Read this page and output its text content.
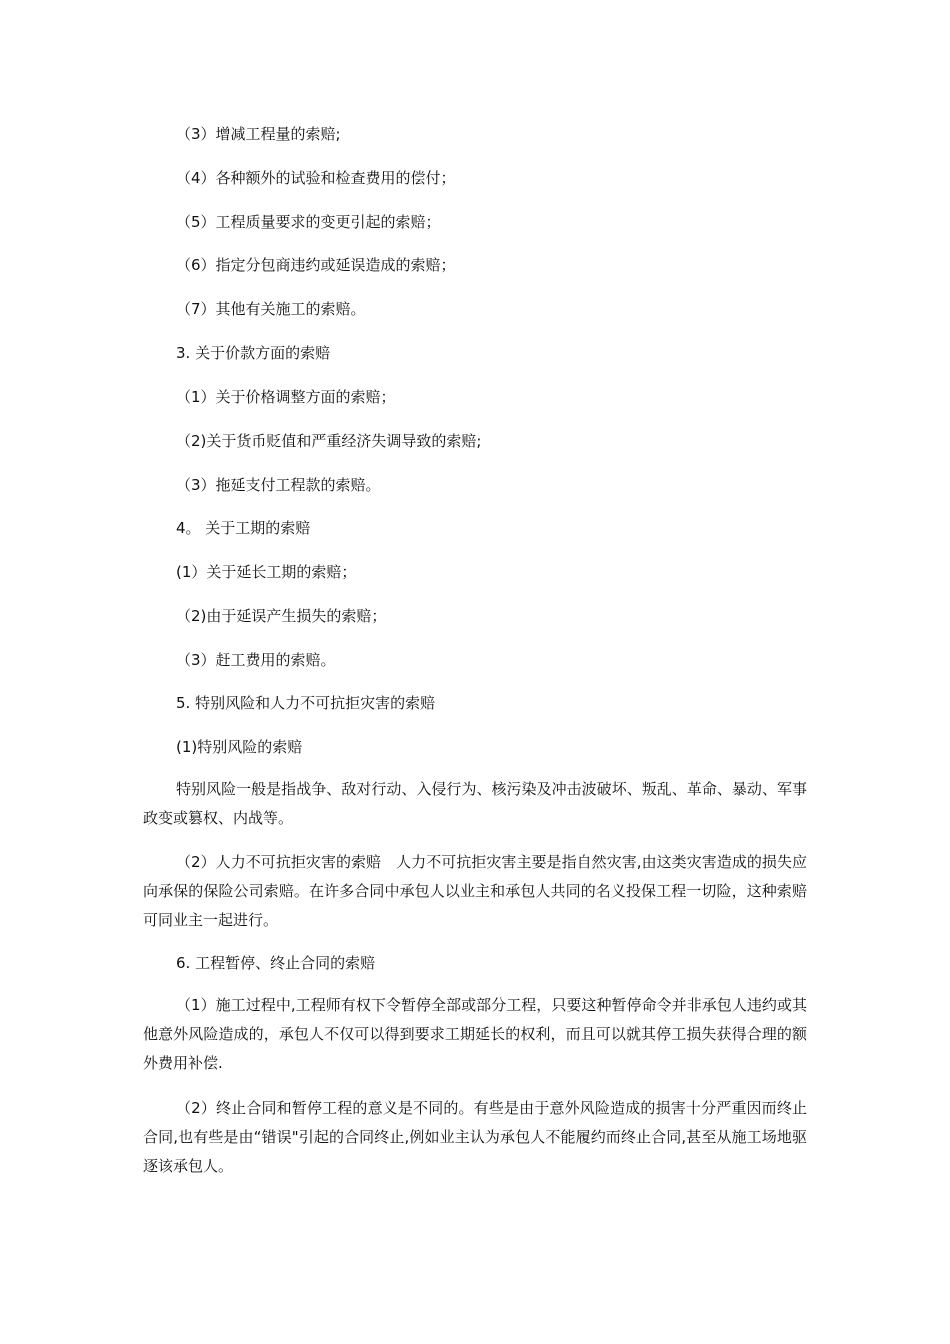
（3）增减工程量的索赔;
（4）各种额外的试验和检查费用的偿付；
（5）工程质量要求的变更引起的索赔；
（6）指定分包商违约或延误造成的索赔；
（7）其他有关施工的索赔。
3. 关于价款方面的索赔
（1）关于价格调整方面的索赔；
（2)关于货币贬值和严重经济失调导致的索赔;
（3）拖延支付工程款的索赔。
4。 关于工期的索赔
(1）关于延长工期的索赔；
（2)由于延误产生损失的索赔；
（3）赶工费用的索赔。
5. 特别风险和人力不可抗拒灾害的索赔
(1)特别风险的索赔
特别风险一般是指战争、敌对行动、入侵行为、核污染及冲击波破坏、叛乱、革命、暴动、军事政变或篡权、内战等。
（2）人力不可抗拒灾害的索赔　人力不可抗拒灾害主要是指自然灾害,由这类灾害造成的损失应向承保的保险公司索赔。在许多合同中承包人以业主和承包人共同的名义投保工程一切险，这种索赔可同业主一起进行。
6. 工程暂停、终止合同的索赔
（1）施工过程中,工程师有权下令暂停全部或部分工程，只要这种暂停命令并非承包人违约或其他意外风险造成的，承包人不仅可以得到要求工期延长的权利，而且可以就其停工损失获得合理的额外费用补偿.
（2）终止合同和暂停工程的意义是不同的。有些是由于意外风险造成的损害十分严重因而终止合同,也有些是由“错误"引起的合同终止,例如业主认为承包人不能履约而终止合同,甚至从施工场地驱逐该承包人。
